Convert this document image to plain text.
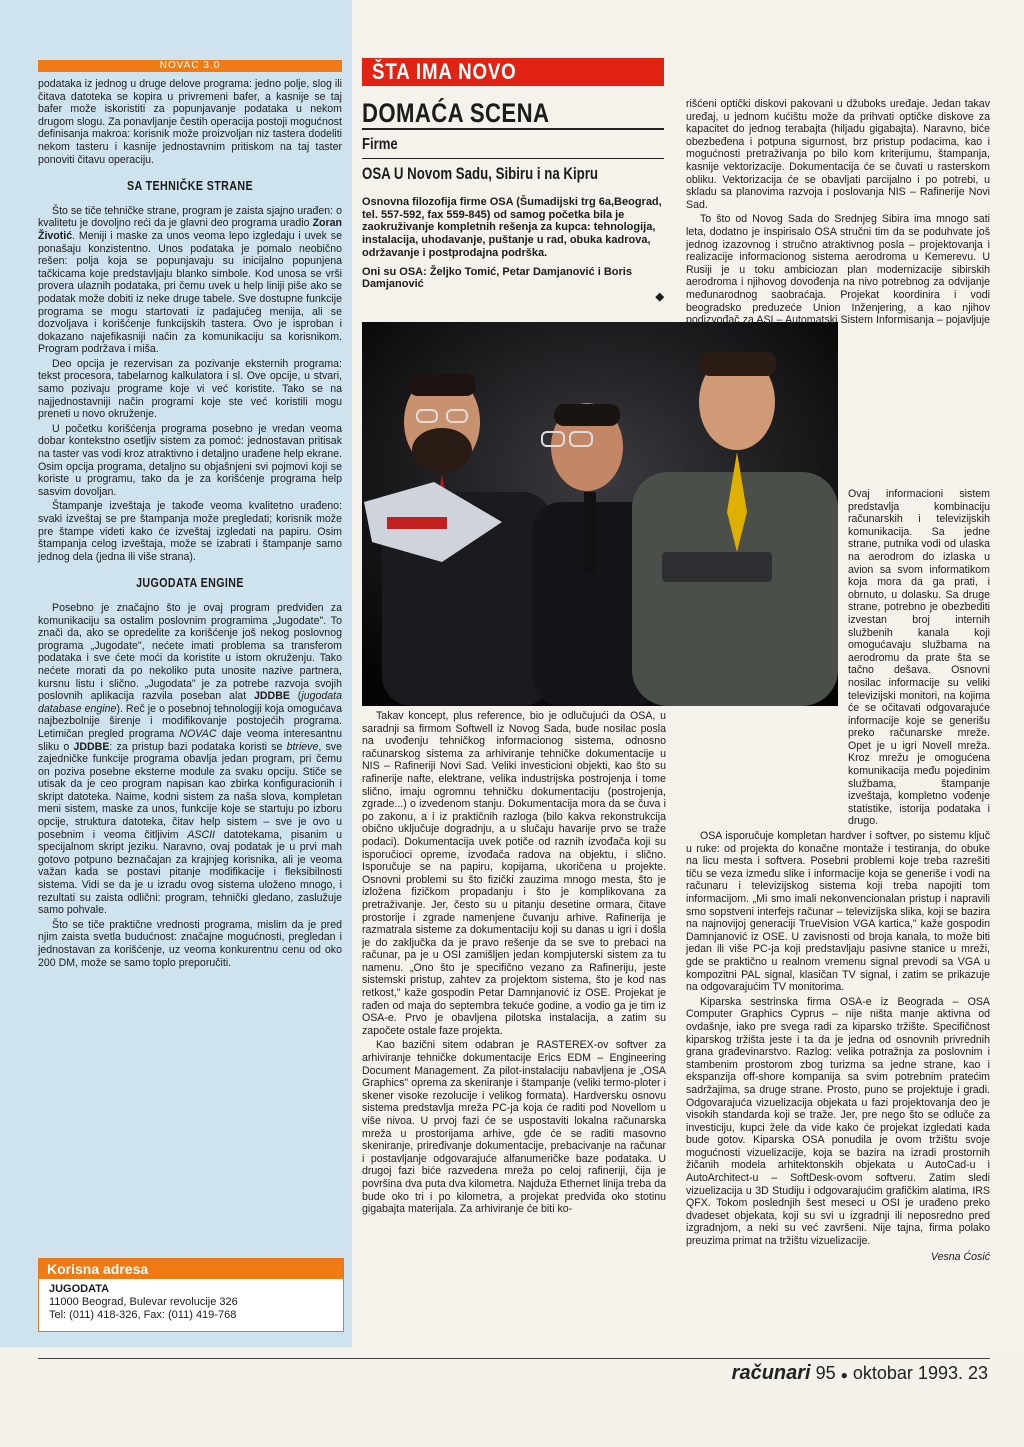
NOVAC 3.0

podataka iz jednog u druge delove programa: jedno polje, slog ili čitava datoteka se kopira u privremeni bafer, a kasnije se taj bafer može iskoristiti za popunjavanje podataka u nekom drugom slogu. Za ponavljanje čestih operacija postoji mogućnost definisanja makroa: korisnik može proizvoljan niz tastera dodeliti nekom tasteru i kasnije jednostavnim pritiskom na taj taster ponoviti čitavu operaciju.

SA TEHNIČKE STRANE

Što se tiče tehničke strane, program je zaista sjajno urađen: o kvalitetu je dovoljno reći da je glavni deo programa uradio Zoran Životić. Meniji i maske za unos veoma lepo izgledaju i uvek se ponašaju konzistentno. Unos podataka je pomalo neobično rešen: polja koja se popunjavaju su inicijalno popunjena tačkicama koje predstavljaju blanko simbole. Kod unosa se vrši provera ulaznih podataka, pri čemu uvek u help liniji piše ako se podatak može dobiti iz neke druge tabele. Sve dostupne funkcije programa se mogu startovati iz padajućeg menija, ali se dozvoljava i korišćenje funkcijskih tastera. Ovo je isproban i dokazano najefikasniji način za komunikaciju sa korisnikom. Program podržava i miša.

Deo opcija je rezervisan za pozivanje eksternih programa: tekst procesora, tabelarnog kalkulatora i sl. Ove opcije, u stvari, samo pozivaju programe koje vi već koristite. Tako se na najjednostavniji način programi koje ste već koristili mogu preneti u novo okruženje.

U početku korišćenja programa posebno je vredan veoma dobar kontekstno osetljiv sistem za pomoć: jednostavan pritisak na taster vas vodi kroz atraktivno i detaljno urađene help ekrane. Osim opcija programa, detaljno su objašnjeni svi pojmovi koji se koriste u programu, tako da je za korišćenje programa help sasvim dovoljan.

Štampanje izveštaja je takođe veoma kvalitetno urađeno: svaki izveštaj se pre štampanja može pregledati; korisnik može pre štampe videti kako će izveštaj izgledati na papiru. Osim štampanja celog izveštaja, može se izabrati i štampanje samo jednog dela (jedna ili više strana).

JUGODATA ENGINE

Posebno je značajno što je ovaj program predviđen za komunikaciju sa ostalim poslovnim programima „Jugodate". To znači da, ako se opredelite za korišćenje još nekog poslovnog programa „Jugodate", nećete imati problema sa transferom podataka i sve ćete moći da koristite u istom okruženju. Tako nećete morati da po nekoliko puta unosite nazive partnera, kursnu listu i slično. „Jugodata" je za potrebe razvoja svojih poslovnih aplikacija razvila poseban alat JDDBE (jugodata database engine). Reč je o posebnoj tehnologiji koja omogućava najbezbolnije širenje i modifikovanje postojećih programa. Letimičan pregled programa NOVAC daje veoma interesantnu sliku o JDDBE: za pristup bazi podataka koristi se btrieve, sve zajedničke funkcije programa obavlja jedan program, pri čemu on poziva posebne eksterne module za svaku opciju. Stiče se utisak da je ceo program napisan kao zbirka konfiguracionih i skript datoteka. Naime, kodni sistem za naša slova, kompletan meni sistem, maske za unos, funkcije koje se startuju po izboru opcije, struktura datoteka, čitav help sistem – sve je ovo u posebnim i veoma čitljivim ASCII datotekama, pisanim u specijalnom skript jeziku. Naravno, ovaj podatak je u prvi mah gotovo potpuno beznačajan za krajnjeg korisnika, ali je veoma važan kada se postavi pitanje modifikacije i fleksibilnosti sistema. Vidi se da je u izradu ovog sistema uloženo mnogo, i rezultati su zaista odlični: program, tehnički gledano, zaslužuje samo pohvale.

Što se tiče praktične vrednosti programa, mislim da je pred njim zaista svetla budućnost: značajne mogućnosti, pregledan i jednostavan za korišćenje, uz veoma konkurentnu cenu od oko 200 DM, može se samo toplo preporučiti.

Korisna adresa
JUGODATA
11000 Beograd, Bulevar revolucije 326
Tel: (011) 418-326, Fax: (011) 419-768
ŠTA IMA NOVO
DOMAĆA SCENA
Firme
OSA U Novom Sadu, Sibiru i na Kipru
Osnovna filozofija firme OSA (Šumadijski trg 6a,Beograd, tel. 557-592, fax 559-845) od samog početka bila je zaokruživanje kompletnih rešenja za kupca: tehnologija, instalacija, uhodavanje, puštanje u rad, obuka kadrova, održavanje i postprodajna podrška.
Oni su OSA: Željko Tomić, Petar Damjanović i Boris Damjanović
◆

rišćeni optički diskovi pakovani u džuboks uređaje. Jedan takav uređaj, u jednom kućištu može da prihvati optičke diskove za kapacitet do jednog terabajta (hiljadu gigabajta). Naravno, biće obezbeđena i potpuna sigurnost, brz pristup podacima, kao i mogućnosti pretraživanja po bilo kom kriterijumu, štampanja, kasnije vektorizacije. Dokumentacija će se čuvati u rasterskom obliku. Vektorizacija će se obavljati parcijalno i po potrebi, u skladu sa planovima razvoja i poslovanja NIS – Rafinerije Novi Sad.

To što od Novog Sada do Srednjeg Sibira ima mnogo sati leta, dodatno je inspirisalo OSA stručni tim da se poduhvate još jednog izazovnog i stručno atraktivnog posla – projektovanja i realizacije informacionog sistema aerodroma u Kemerevu. U Rusiji je u toku ambiciozan plan modernizacije sibirskih aerodroma i njihovog dovođenja na nivo potrebnog za odvijanje međunarodnog saobraćaja. Projekat koordinira i vodi beogradsko preduzeće Union Inženjering, a kao njihov podizvođač za ASI – Automatski Sistem Informisanja – pojavljuje se OSA.

Takav koncept, plus reference, bio je odlučujući da OSA, u saradnji sa firmom Softwell iz Novog Sada, bude nosilac posla na uvođenju tehničkog informacionog sistema, odnosno računarskog sistema za arhiviranje tehničke dokumentacije u NIS – Rafineriji Novi Sad. Veliki investicioni objekti, kao što su rafinerije nafte, elektrane, velika industrijska postrojenja i tome slično, imaju ogromnu tehničku dokumentaciju (postrojenja, zgrade...) o izvedenom stanju. Dokumentacija mora da se čuva i po zakonu, a i iz praktičnih razloga (bilo kakva rekonstrukcija obično uključuje dogradnju, a u slučaju havarije prvo se traže podaci). Dokumentacija uvek potiče od raznih izvođača koji su isporučioci opreme, izvođača radova na objektu, i slično. Isporučuje se na papiru, kopijama, ukoričena u projekte. Osnovni problemi su što fizički zauzima mnogo mesta, što je izložena fizičkom propadanju i što je komplikovana za pretraživanje. Jer, često su u pitanju desetine ormara, čitave prostorije i zgrade namenjene čuvanju arhive. Rafinerija je razmatrala sisteme za dokumentaciju koji su danas u igri i došla je do zaključka da je pravo rešenje da se sve to prebaci na računar, pa je u OSI zamišljen jedan kompjuterski sistem za tu namenu. „Ono što je specifično vezano za Rafineriju, jeste sistemski pristup, zahtev za projektom sistema, što je kod nas retkost," kaže gospodin Petar Damnjanović iz OSE. Projekat je rađen od maja do septembra tekuće godine, a vodio ga je tim iz OSA-e. Prvo je obavljena pilotska instalacija, a zatim su započete ostale faze projekta.

Kao bazični sitem odabran je RASTEREX-ov softver za arhiviranje tehničke dokumentacije Erics EDM – Engineering Document Management. Za pilot-instalaciju nabavljena je „OSA Graphics" oprema za skeniranje i štampanje (veliki termo-ploter i skener visoke rezolucije i velikog formata). Hardversku osnovu sistema predstavlja mreža PC-ja koja će raditi pod Novellom u više nivoa. U prvoj fazi će se uspostaviti lokalna računarska mreža u prostorijama arhive, gde će se raditi masovno skeniranje, priređivanje dokumentacije, prebacivanje na računar i postavljanje odgovarajuće alfanumeričke baze podataka. U drugoj fazi biće razvedena mreža po celoj rafineriji, čija je površina dva puta dva kilometra. Najduža Ethernet linija treba da bude oko tri i po kilometra, a projekat predviđa oko stotinu gigabajta materijala. Za arhiviranje će biti ko-

Ovaj informacioni sistem predstavlja kombinaciju računarskih i televizijskih komunikacija. Sa jedne strane, putnika vodi od ulaska na aerodrom do izlaska u avion sa svom informatikom koja mora da ga prati, i obrnuto, u dolasku. Sa druge strane, potrebno je obezbediti izvestan broj internih službenih kanala koji omogućavaju službama na aerodromu da prate šta se tačno dešava. Osnovni nosilac informacije su veliki televizijski monitori, na kojima će se očitavati odgovarajuće informacije koje se generišu preko računarske mreže. Opet je u igri Novell mreža. Kroz mrežu je omogućena komunikacija među pojedinim službama, štampanje izveštaja, kompletno vođenje statistike, istorija podataka i drugo.

OSA isporučuje kompletan hardver i softver, po sistemu ključ u ruke: od projekta do konačne montaže i testiranja, do obuke na licu mesta i softvera. Posebni problemi koje treba razrešiti tiču se veza između slike i informacije koja se generiše i vodi na računaru i televizijskog sistema koji treba napojiti tom informacijom. „Mi smo imali nekonvencionalan pristup i napravili smo sopstveni interfejs računar – televizijska slika, koji se bazira na najnovijoj generaciji TrueVision VGA kartica," kaže gospodin Damnjanović iz OSE. U zavisnosti od broja kanala, to može biti jedan ili više PC-ja koji predstavljaju pasivne stanice u mreži, gde se praktično u realnom vremenu signal prevodi sa VGA u kompozitni PAL signal, klasičan TV signal, i zatim se prikazuje na odgovarajućim TV monitorima.

Kiparska sestrinska firma OSA-e iz Beograda – OSA Computer Graphics Cyprus – nije ništa manje aktivna od ovdašnje, iako pre svega radi za kiparsko tržište. Specifičnost kiparskog tržišta jeste i ta da je jedna od osnovnih privrednih grana građevinarstvo. Razlog: velika potražnja za poslovnim i stambenim prostorom zbog turizma sa jedne strane, kao i ekspanzija off-shore kompanija sa svim potrebnim pratećim sadržajima, sa druge strane. Prosto, puno se projektuje i gradi. Odgovarajuća vizuelizacija objekata u fazi projektovanja deo je visokih standarda koji se traže. Jer, pre nego što se odluče za investiciju, kupci žele da vide kako će projekat izgledati kada bude gotov. Kiparska OSA ponudila je ovom tržištu svoje mogućnosti vizuelizacije, koja se bazira na izradi prostornih žičanih modela arhitektonskih objekata u AutoCad-u i AutoArchitect-u – SoftDesk-ovom softveru. Zatim sledi vizuelizacija u 3D Studiju i odgovarajućim grafičkim alatima, IRS QFX. Tokom poslednjih šest meseci u OSI je urađeno preko dvadeset objekata, koji su svi u izgradnji ili neposredno pred izgradnjom, a neki su već završeni. Nije tajna, firma polako preuzima primat na tržištu vizuelizacije.

Vesna Ćosić
računari 95 ● oktobar 1993. 23
